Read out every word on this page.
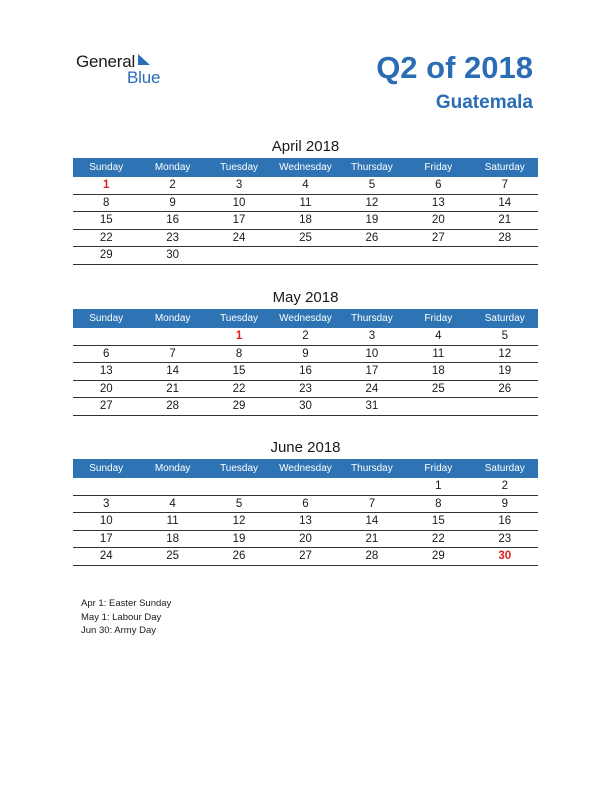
General
Blue	Q2 of 2018
Guatemala
April 2018
Sunday	Monday	Tuesday	Wednesday	Thursday	Friday	Saturday
1	2	3	4	5	6	7
8	9	10	11	12	13	14
15	16	17	18	19	20	21
22	23	24	25	26	27	28
29	30					
May 2018
Sunday	Monday	Tuesday	Wednesday	Thursday	Friday	Saturday
		1	2	3	4	5
6	7	8	9	10	11	12
13	14	15	16	17	18	19
20	21	22	23	24	25	26
27	28	29	30	31		
June 2018
Sunday	Monday	Tuesday	Wednesday	Thursday	Friday	Saturday
					1	2
3	4	5	6	7	8	9
10	11	12	13	14	15	16
17	18	19	20	21	22	23
24	25	26	27	28	29	30
Apr 1: Easter Sunday
May 1: Labour Day
Jun 30: Army Day
